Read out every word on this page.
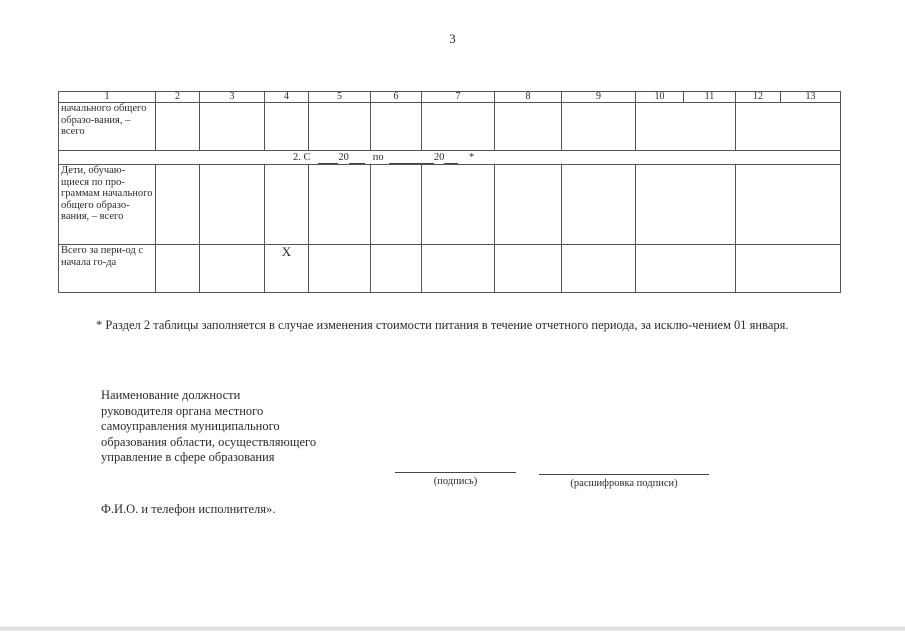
3
1	2	3	4	5	6	7	8	9	10	11	12	13
начального общего образо-вания, – всего												
2. С 20 по 20 *												
Дети, обучаю-щиеся по про-граммам начального общего образо-вания, – всего												
Всего за пери-од с начала го-да			X									
* Раздел 2 таблицы заполняется в случае изменения стоимости питания в течение отчетного периода, за исклю-чением 01 января.
Наименование должности
руководителя органа местного
самоуправления муниципального
образования области, осуществляющего
управление в сфере образования
(подпись)	(расшифровка подписи)
Ф.И.О. и телефон исполнителя».
